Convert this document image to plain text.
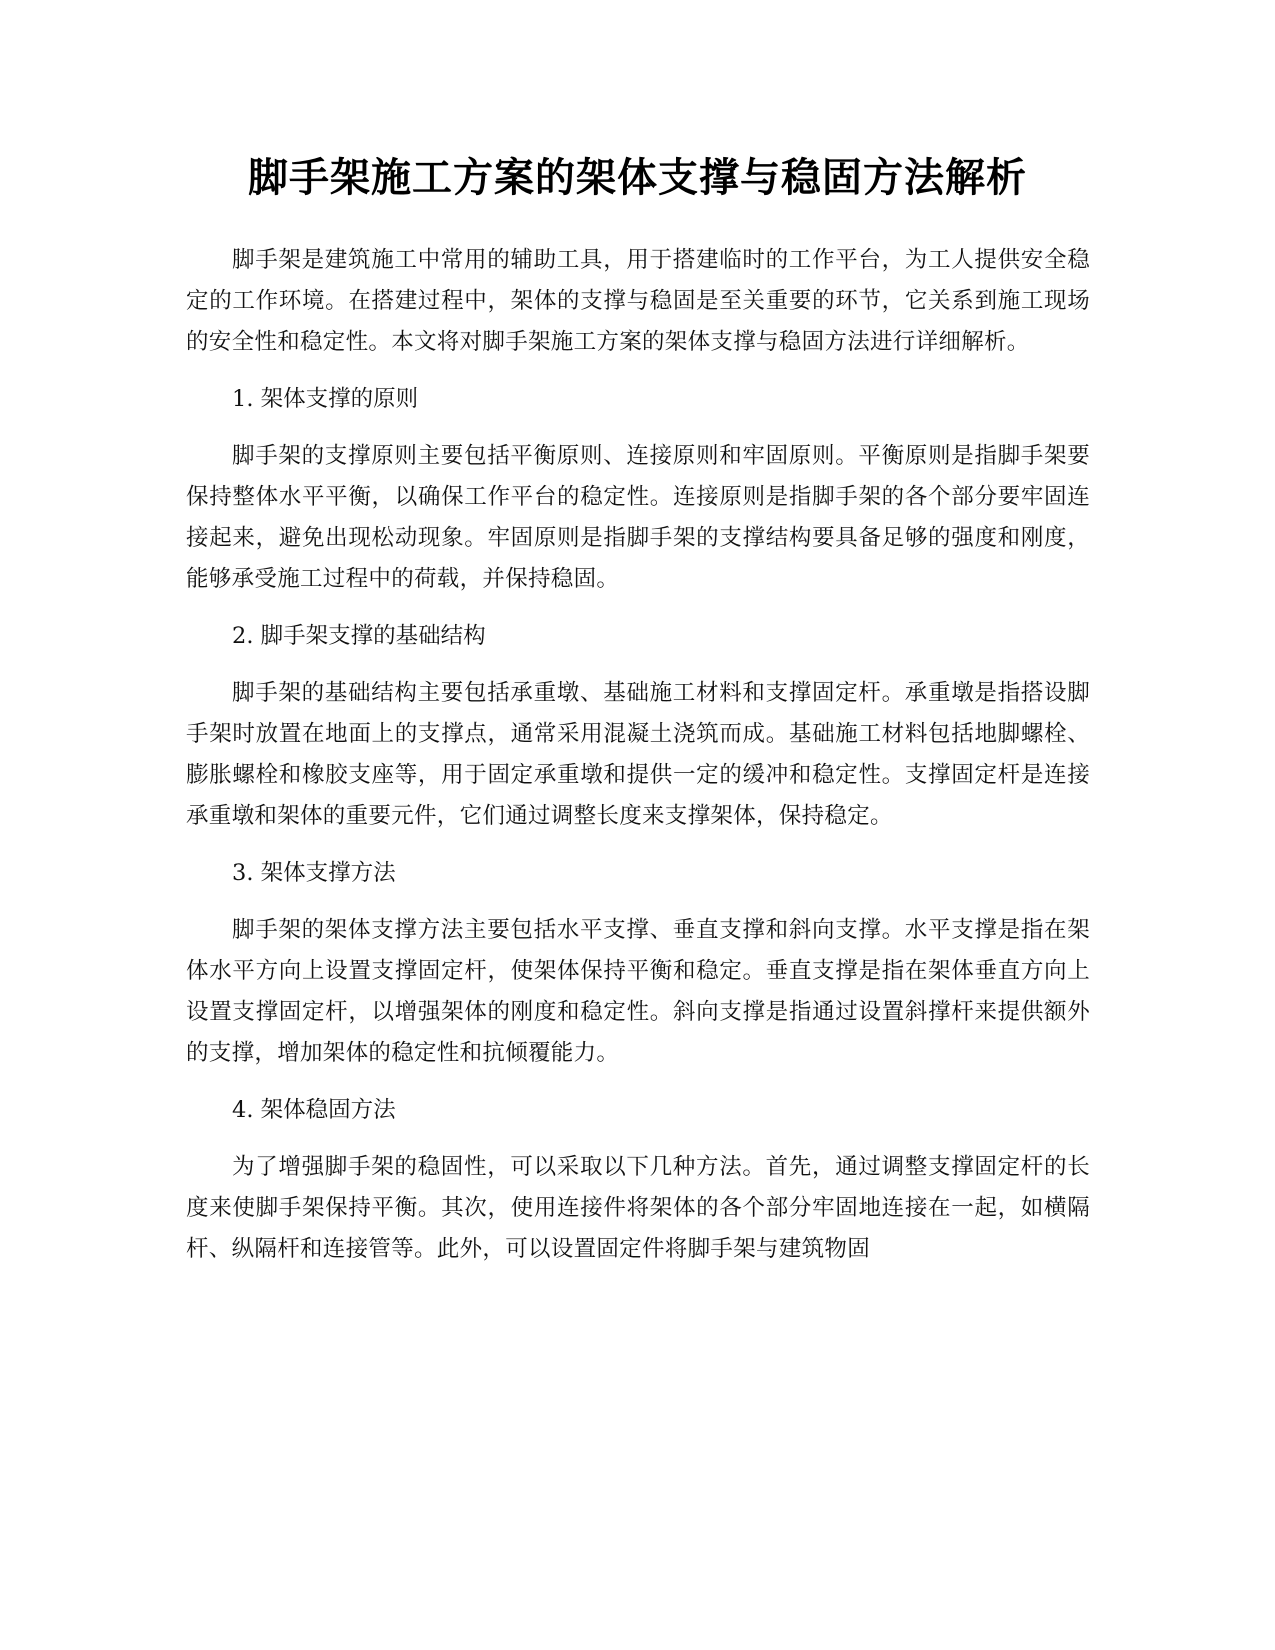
脚手架施工方案的架体支撑与稳固方法解析

脚手架是建筑施工中常用的辅助工具，用于搭建临时的工作平台，为工人提供安全稳定的工作环境。在搭建过程中，架体的支撑与稳固是至关重要的环节，它关系到施工现场的安全性和稳定性。本文将对脚手架施工方案的架体支撑与稳固方法进行详细解析。

1. 架体支撑的原则

脚手架的支撑原则主要包括平衡原则、连接原则和牢固原则。平衡原则是指脚手架要保持整体水平平衡，以确保工作平台的稳定性。连接原则是指脚手架的各个部分要牢固连接起来，避免出现松动现象。牢固原则是指脚手架的支撑结构要具备足够的强度和刚度，能够承受施工过程中的荷载，并保持稳固。

2. 脚手架支撑的基础结构

脚手架的基础结构主要包括承重墩、基础施工材料和支撑固定杆。承重墩是指搭设脚手架时放置在地面上的支撑点，通常采用混凝土浇筑而成。基础施工材料包括地脚螺栓、膨胀螺栓和橡胶支座等，用于固定承重墩和提供一定的缓冲和稳定性。支撑固定杆是连接承重墩和架体的重要元件，它们通过调整长度来支撑架体，保持稳定。

3. 架体支撑方法

脚手架的架体支撑方法主要包括水平支撑、垂直支撑和斜向支撑。水平支撑是指在架体水平方向上设置支撑固定杆，使架体保持平衡和稳定。垂直支撑是指在架体垂直方向上设置支撑固定杆，以增强架体的刚度和稳定性。斜向支撑是指通过设置斜撑杆来提供额外的支撑，增加架体的稳定性和抗倾覆能力。

4. 架体稳固方法

为了增强脚手架的稳固性，可以采取以下几种方法。首先，通过调整支撑固定杆的长度来使脚手架保持平衡。其次，使用连接件将架体的各个部分牢固地连接在一起，如横隔杆、纵隔杆和连接管等。此外，可以设置固定件将脚手架与建筑物固
